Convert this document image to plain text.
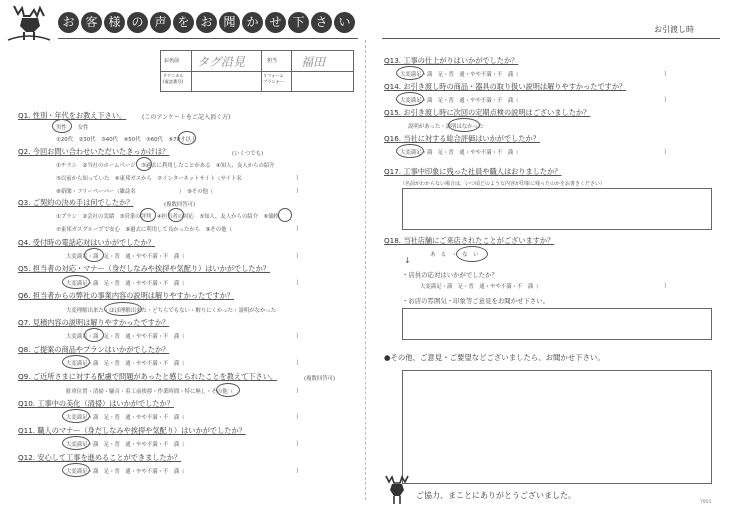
お 客 様 の 声 を お 聞 か せ 下 さ い
お引渡し時
お名前 タグ沿見	担当 福田
テクニカル
(電話番号)
リフォーム
プランナー
Q1. 性別・年代をお教え下さい。	(このアンケートをご記入頂く方)
男性　　女性
①20代　②30代　③40代　④50代　⑤60代　⑥70才以上
Q2. 今回お問い合わせいただいたきっかけは？	(いくつでも)
①チラシ　②当社のホームページ　③過去に利用したことがある　④知人、友人からの紹介
⑤以前から知っていた　⑥東邦ガスから　⑦インターネットサイト（サイト名
⑧新聞・フリーペーパー（雑誌名　　　　　　　　）　⑨その他（
）
）
Q3. ご契約の決め手は何でしたか？	(複数回答可)
①プラン　②会社の実績　③営業の評判　④担当者の対応　⑤知人、友人からの紹介　⑥価格
⑦東邦ガスグループで安心　⑧過去に利用して良かったから　⑨その他（	）
Q4. 受付時の電話応対はいかがでしたか？
大変満足・満　足・普　通・やや不満・不　満（	）
Q5. 担当者の対応・マナー（身だしなみや挨拶や気配り）はいかがでしたか？
大変満足・満　足・普　通・やや不満・不　満（	）
Q6. 担当者からの弊社の事業内容の説明は解りやすかったですか？
大変理解出来た・ほぼ理解出来た・どちらでもない・解りにくかった・説明がなかった
Q7. 見積内容の説明は解りやすかったですか？
大変満足・満　足・普　通・やや不満・不　満（	）
Q8. ご提案の商品やプランはいかがでしたか？
大変満足・満　足・普　通・やや不満・不　満（	）
Q9. ご近所さまに対する配慮で問題があったと感じられたことを教えて下さい。	(複数回答可)
駐車位置・清掃・騒音・着工前挨拶・作業時間・特に無し・その他（	）
Q10. 工事中の美化（清掃）はいかがでしたか？
大変満足・満　足・普　通・やや不満・不　満（	）
Q11. 職人のマナー（身だしなみや挨拶や気配り）はいかがでしたか？
大変満足・満　足・普　通・やや不満・不　満（	）
Q12. 安心して工事を進めることができましたか？
大変満足・満　足・普　通・やや不満・不　満（	）
Q13. 工事の仕上がりはいかがでしたか？
大変満足・満　足・普　通・やや不満・不　満（	）
Q14. お引き渡し時の商品・器具の取り扱い説明は解りやすかったですか？
大変満足・満　足・普　通・やや不満・不　満（	）
Q15. お引き渡し時に次回の定期点検の説明はございましたか？
説明があった・説明はなかった
Q16. 当社に対する総合評価はいかがでしたか？
大変満足・満　足・普　通・やや不満・不　満（	）
Q17. 工事中印象に残った社員や職人はおりましたか？
（名前がわからない場合は、いつ頃どのような内容が印象に残ったのかをお書きください）
Q18. 当社店舗にご来店されたことがございますか？
あ　る　・　な　い
↓
・店員の応対はいかがでしたか？
大変満足・満　足・普　通・やや不満・不　満（	）
・お店の雰囲気・印象等ご意見をお聞かせ下さい。
●その他、ご意見・ご要望などございましたら、お聞かせ下さい。
ご協力、まことにありがとうございました。
7951
